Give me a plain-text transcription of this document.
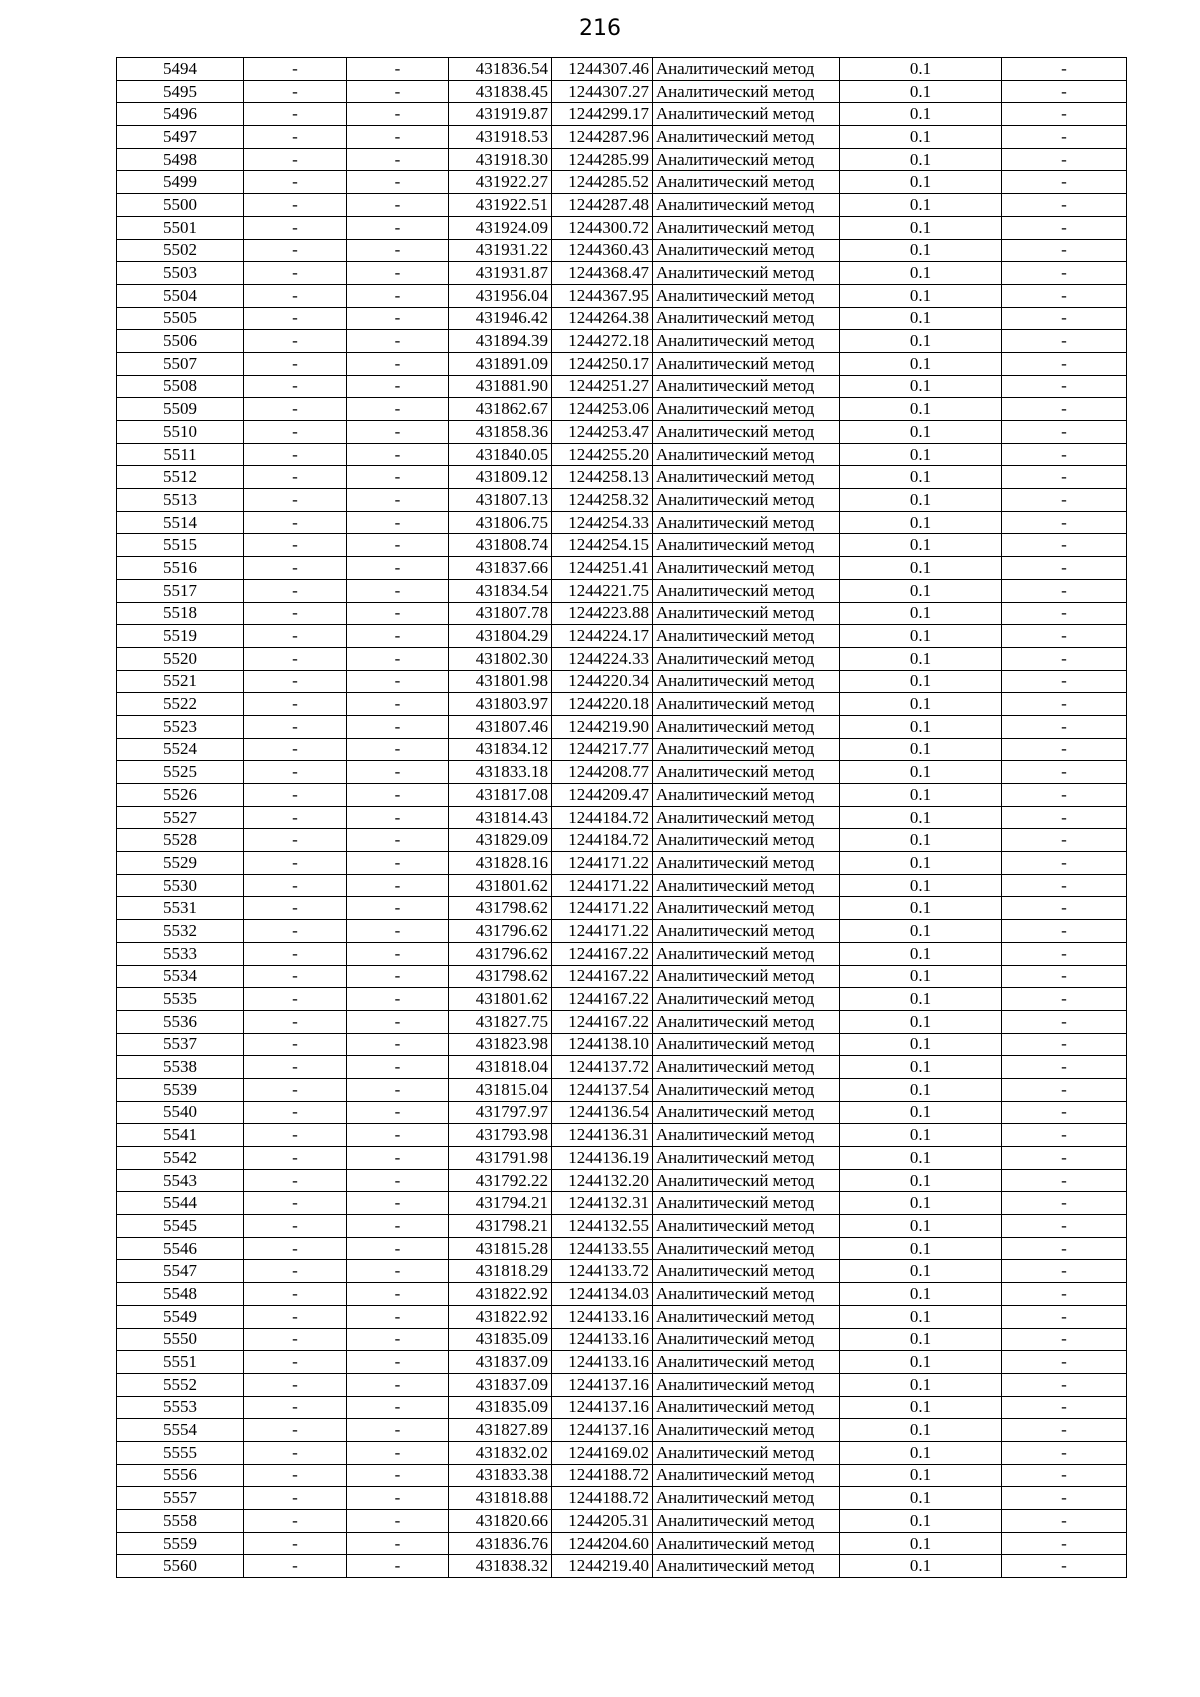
216
5494	-	-	431836.54	1244307.46	Аналитический метод	0.1	-
5495	-	-	431838.45	1244307.27	Аналитический метод	0.1	-
5496	-	-	431919.87	1244299.17	Аналитический метод	0.1	-
5497	-	-	431918.53	1244287.96	Аналитический метод	0.1	-
5498	-	-	431918.30	1244285.99	Аналитический метод	0.1	-
5499	-	-	431922.27	1244285.52	Аналитический метод	0.1	-
5500	-	-	431922.51	1244287.48	Аналитический метод	0.1	-
5501	-	-	431924.09	1244300.72	Аналитический метод	0.1	-
5502	-	-	431931.22	1244360.43	Аналитический метод	0.1	-
5503	-	-	431931.87	1244368.47	Аналитический метод	0.1	-
5504	-	-	431956.04	1244367.95	Аналитический метод	0.1	-
5505	-	-	431946.42	1244264.38	Аналитический метод	0.1	-
5506	-	-	431894.39	1244272.18	Аналитический метод	0.1	-
5507	-	-	431891.09	1244250.17	Аналитический метод	0.1	-
5508	-	-	431881.90	1244251.27	Аналитический метод	0.1	-
5509	-	-	431862.67	1244253.06	Аналитический метод	0.1	-
5510	-	-	431858.36	1244253.47	Аналитический метод	0.1	-
5511	-	-	431840.05	1244255.20	Аналитический метод	0.1	-
5512	-	-	431809.12	1244258.13	Аналитический метод	0.1	-
5513	-	-	431807.13	1244258.32	Аналитический метод	0.1	-
5514	-	-	431806.75	1244254.33	Аналитический метод	0.1	-
5515	-	-	431808.74	1244254.15	Аналитический метод	0.1	-
5516	-	-	431837.66	1244251.41	Аналитический метод	0.1	-
5517	-	-	431834.54	1244221.75	Аналитический метод	0.1	-
5518	-	-	431807.78	1244223.88	Аналитический метод	0.1	-
5519	-	-	431804.29	1244224.17	Аналитический метод	0.1	-
5520	-	-	431802.30	1244224.33	Аналитический метод	0.1	-
5521	-	-	431801.98	1244220.34	Аналитический метод	0.1	-
5522	-	-	431803.97	1244220.18	Аналитический метод	0.1	-
5523	-	-	431807.46	1244219.90	Аналитический метод	0.1	-
5524	-	-	431834.12	1244217.77	Аналитический метод	0.1	-
5525	-	-	431833.18	1244208.77	Аналитический метод	0.1	-
5526	-	-	431817.08	1244209.47	Аналитический метод	0.1	-
5527	-	-	431814.43	1244184.72	Аналитический метод	0.1	-
5528	-	-	431829.09	1244184.72	Аналитический метод	0.1	-
5529	-	-	431828.16	1244171.22	Аналитический метод	0.1	-
5530	-	-	431801.62	1244171.22	Аналитический метод	0.1	-
5531	-	-	431798.62	1244171.22	Аналитический метод	0.1	-
5532	-	-	431796.62	1244171.22	Аналитический метод	0.1	-
5533	-	-	431796.62	1244167.22	Аналитический метод	0.1	-
5534	-	-	431798.62	1244167.22	Аналитический метод	0.1	-
5535	-	-	431801.62	1244167.22	Аналитический метод	0.1	-
5536	-	-	431827.75	1244167.22	Аналитический метод	0.1	-
5537	-	-	431823.98	1244138.10	Аналитический метод	0.1	-
5538	-	-	431818.04	1244137.72	Аналитический метод	0.1	-
5539	-	-	431815.04	1244137.54	Аналитический метод	0.1	-
5540	-	-	431797.97	1244136.54	Аналитический метод	0.1	-
5541	-	-	431793.98	1244136.31	Аналитический метод	0.1	-
5542	-	-	431791.98	1244136.19	Аналитический метод	0.1	-
5543	-	-	431792.22	1244132.20	Аналитический метод	0.1	-
5544	-	-	431794.21	1244132.31	Аналитический метод	0.1	-
5545	-	-	431798.21	1244132.55	Аналитический метод	0.1	-
5546	-	-	431815.28	1244133.55	Аналитический метод	0.1	-
5547	-	-	431818.29	1244133.72	Аналитический метод	0.1	-
5548	-	-	431822.92	1244134.03	Аналитический метод	0.1	-
5549	-	-	431822.92	1244133.16	Аналитический метод	0.1	-
5550	-	-	431835.09	1244133.16	Аналитический метод	0.1	-
5551	-	-	431837.09	1244133.16	Аналитический метод	0.1	-
5552	-	-	431837.09	1244137.16	Аналитический метод	0.1	-
5553	-	-	431835.09	1244137.16	Аналитический метод	0.1	-
5554	-	-	431827.89	1244137.16	Аналитический метод	0.1	-
5555	-	-	431832.02	1244169.02	Аналитический метод	0.1	-
5556	-	-	431833.38	1244188.72	Аналитический метод	0.1	-
5557	-	-	431818.88	1244188.72	Аналитический метод	0.1	-
5558	-	-	431820.66	1244205.31	Аналитический метод	0.1	-
5559	-	-	431836.76	1244204.60	Аналитический метод	0.1	-
5560	-	-	431838.32	1244219.40	Аналитический метод	0.1	-
